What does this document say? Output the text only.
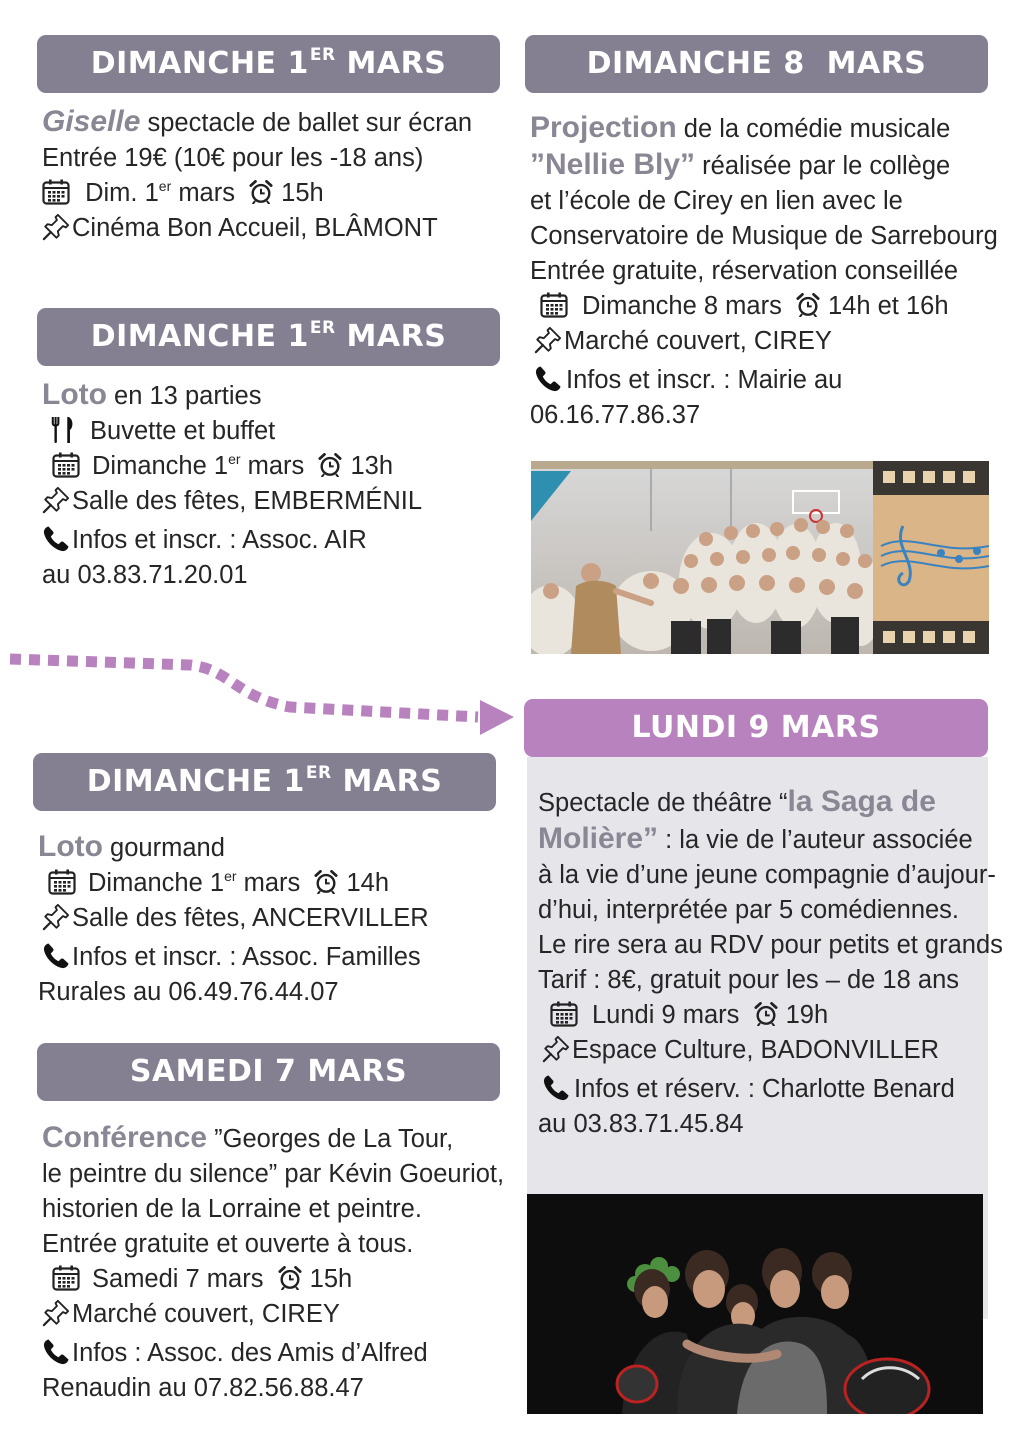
DIMANCHE 1ER MARS
Giselle spectacle de ballet sur écran
Entrée 19€ (10€ pour les -18 ans)
Dim. 1er mars 15h
Cinéma Bon Accueil, BLÂMONT
DIMANCHE 1ER MARS
Loto en 13 parties
Buvette et buffet
Dimanche 1er mars 13h
Salle des fêtes, EMBERMÉNIL
Infos et inscr. : Assoc. AIR
au 03.83.71.20.01
DIMANCHE 1ER MARS
Loto gourmand
Dimanche 1er mars 14h
Salle des fêtes, ANCERVILLER
Infos et inscr. : Assoc. Familles
Rurales au 06.49.76.44.07
SAMEDI 7 MARS
Conférence ”Georges de La Tour,
le peintre du silence” par Kévin Goeuriot,
historien de la Lorraine et peintre.
Entrée gratuite et ouverte à tous.
Samedi 7 mars 15h
Marché couvert, CIREY
Infos : Assoc. des Amis d’Alfred
Renaudin au 07.82.56.88.47
DIMANCHE 8  MARS
Projection de la comédie musicale
”Nellie Bly” réalisée par le collège
et l’école de Cirey en lien avec le
Conservatoire de Musique de Sarrebourg
Entrée gratuite, réservation conseillée
Dimanche 8 mars 14h et 16h
Marché couvert, CIREY
Infos et inscr. : Mairie au
06.16.77.86.37
LUNDI 9 MARS
Spectacle de théâtre “la Saga de
Molière” : la vie de l’auteur associée
à la vie d’une jeune compagnie d’aujour-
d’hui, interprétée par 5 comédiennes.
Le rire sera au RDV pour petits et grands
Tarif : 8€, gratuit pour les – de 18 ans
Lundi 9 mars 19h
Espace Culture, BADONVILLER
Infos et réserv. : Charlotte Benard
au 03.83.71.45.84
